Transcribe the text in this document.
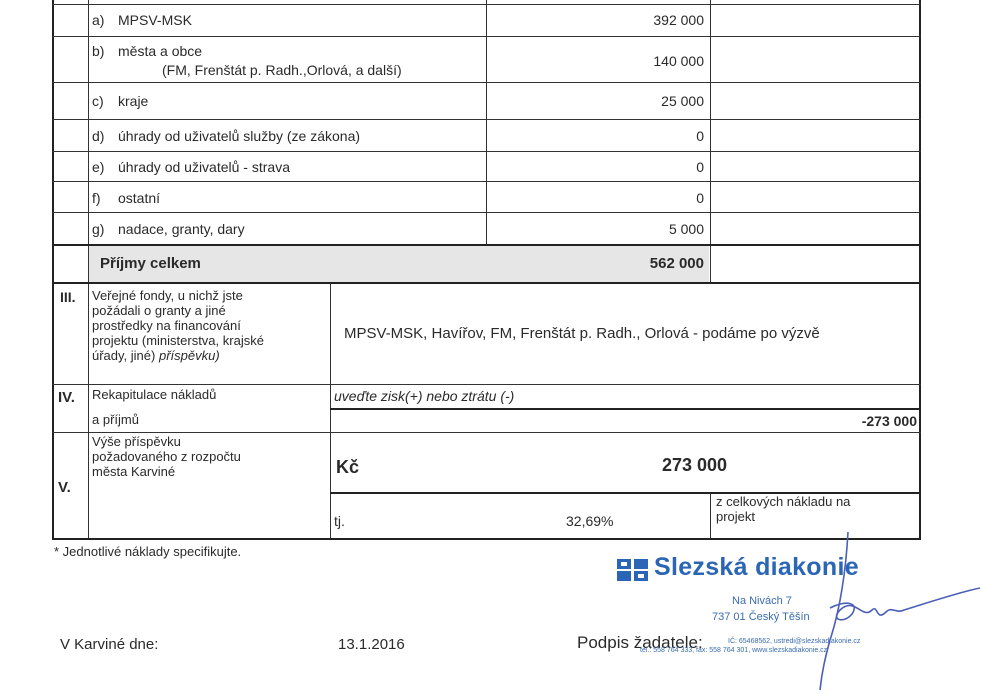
a) MPSV-MSK	392 000
b) města a obce
(FM, Frenštát p. Radh.,Orlová, a další)
140 000
c) kraje	25 000
d) úhrady od uživatelů služby (ze zákona)	0
e) úhrady od uživatelů - strava	0
f) ostatní	0
g) nadace, granty, dary	5 000
Příjmy celkem	562 000
III. Veřejné fondy, u nichž jste
požádali o granty a jiné
prostředky na financování
projektu (ministerstva, krajské
úřady, jiné) příspěvku)
MPSV-MSK, Havířov, FM, Frenštát p. Radh., Orlová - podáme po výzvě
IV. Rekapitulace nákladů
a příjmů
uveďte zisk(+) nebo ztrátu (-)
-273 000
V.
Výše příspěvku
požadovaného z rozpočtu
města Karviné	Kč	273 000
tj.	32,69%
z celkových nákladu na
projekt
* Jednotlivé náklady specifikujte.
V Karviné dne:	13.1.2016	Podpis žadatele:
Slezská diakonie
Na Nivách 7
737 01 Český Těšín
IČ: 65468562, ustredi@slezskadiakonie.cz
tel.: 558 764 333, fax: 558 764 301, www.slezskadiakonie.cz
